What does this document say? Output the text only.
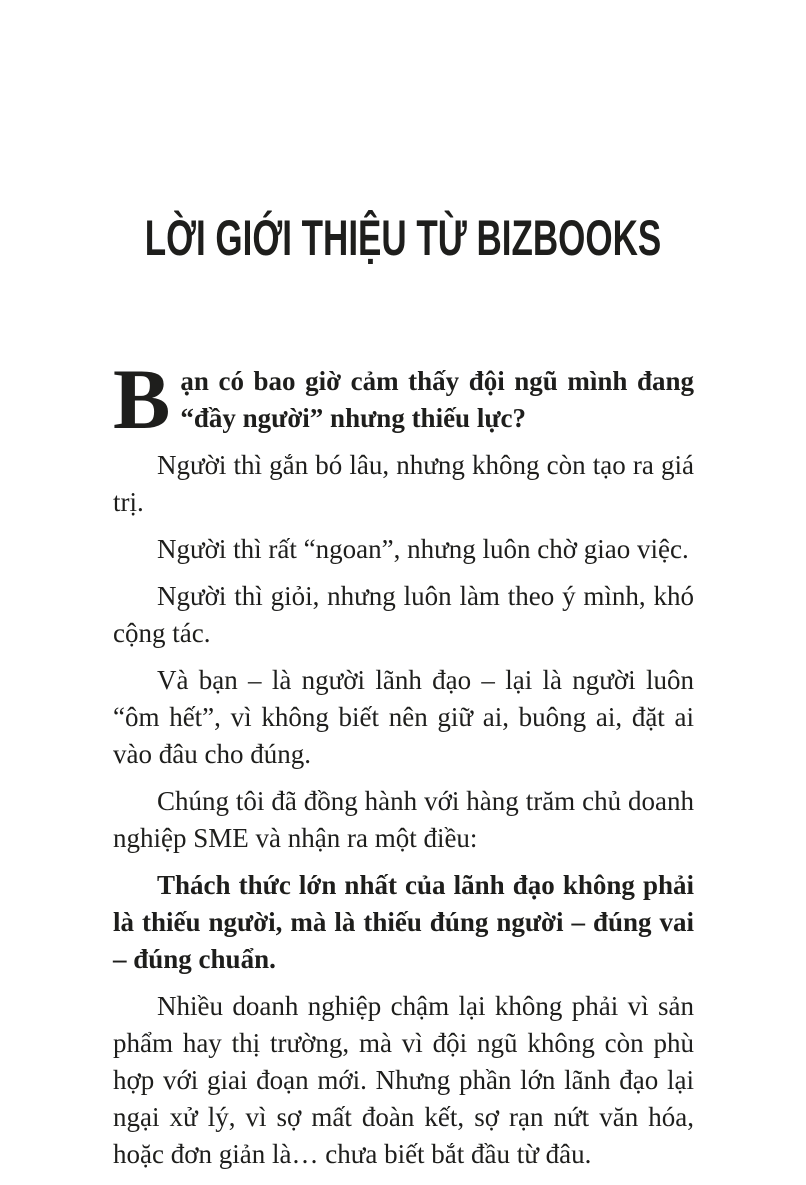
LỜI GIỚI THIỆU TỪ BIZBOOKS

Bạn có bao giờ cảm thấy đội ngũ mình đang “đầy người” nhưng thiếu lực?

Người thì gắn bó lâu, nhưng không còn tạo ra giá trị.

Người thì rất “ngoan”, nhưng luôn chờ giao việc.

Người thì giỏi, nhưng luôn làm theo ý mình, khó cộng tác.

Và bạn – là người lãnh đạo – lại là người luôn “ôm hết”, vì không biết nên giữ ai, buông ai, đặt ai vào đâu cho đúng.

Chúng tôi đã đồng hành với hàng trăm chủ doanh nghiệp SME và nhận ra một điều:

Thách thức lớn nhất của lãnh đạo không phải là thiếu người, mà là thiếu đúng người – đúng vai – đúng chuẩn.

Nhiều doanh nghiệp chậm lại không phải vì sản phẩm hay thị trường, mà vì đội ngũ không còn phù hợp với giai đoạn mới. Nhưng phần lớn lãnh đạo lại ngại xử lý, vì sợ mất đoàn kết, sợ rạn nứt văn hóa, hoặc đơn giản là… chưa biết bắt đầu từ đâu.
